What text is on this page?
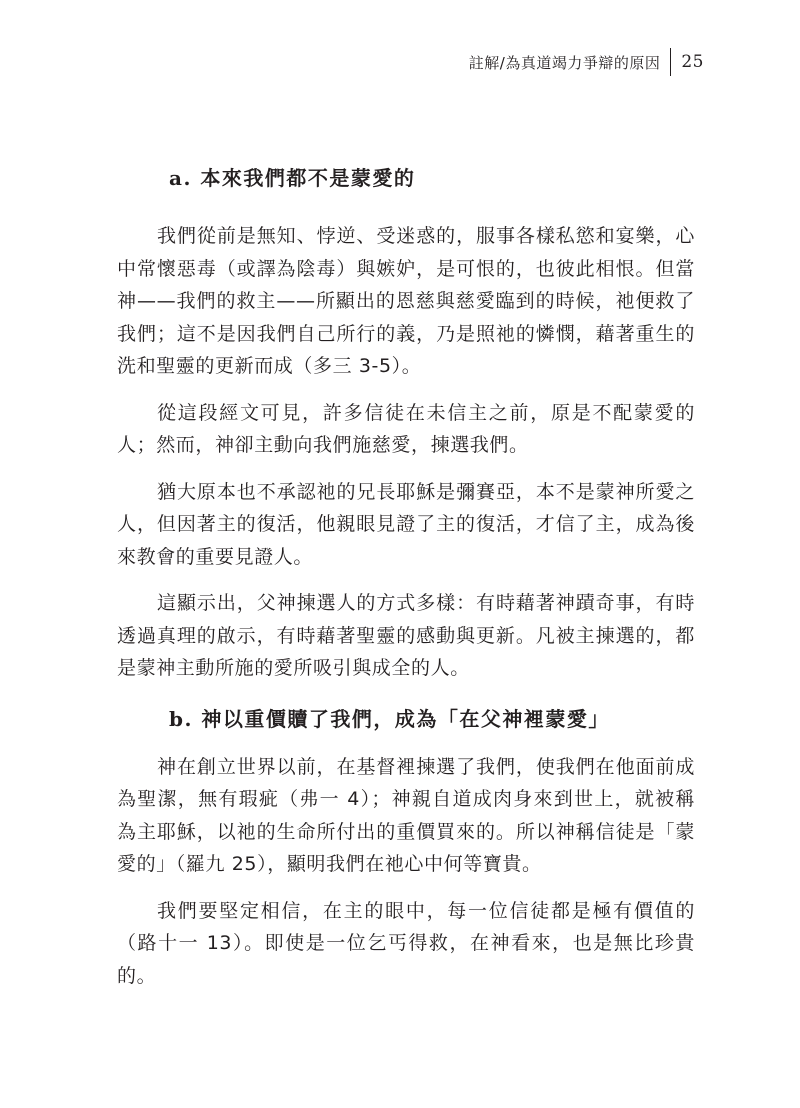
註解/為真道竭力爭辯的原因 25
a. 本來我們都不是蒙愛的

我們從前是無知、悖逆、受迷惑的，服事各樣私慾和宴樂，心中常懷惡毒（或譯為陰毒）與嫉妒，是可恨的，也彼此相恨。但當神——我們的救主——所顯出的恩慈與慈愛臨到的時候，祂便救了我們；這不是因我們自己所行的義，乃是照祂的憐憫，藉著重生的洗和聖靈的更新而成（多三 3-5）。

從這段經文可見，許多信徒在未信主之前，原是不配蒙愛的人；然而，神卻主動向我們施慈愛，揀選我們。

猶大原本也不承認祂的兄長耶穌是彌賽亞，本不是蒙神所愛之人，但因著主的復活，他親眼見證了主的復活，才信了主，成為後來教會的重要見證人。

這顯示出，父神揀選人的方式多樣：有時藉著神蹟奇事，有時透過真理的啟示，有時藉著聖靈的感動與更新。凡被主揀選的，都是蒙神主動所施的愛所吸引與成全的人。

b. 神以重價贖了我們，成為「在父神裡蒙愛」

神在創立世界以前，在基督裡揀選了我們，使我們在他面前成為聖潔，無有瑕疵（弗一 4）；神親自道成肉身來到世上，就被稱為主耶穌，以祂的生命所付出的重價買來的。所以神稱信徒是「蒙愛的」（羅九 25），顯明我們在祂心中何等寶貴。

我們要堅定相信，在主的眼中，每一位信徒都是極有價值的（路十一 13）。即使是一位乞丐得救，在神看來，也是無比珍貴的。
